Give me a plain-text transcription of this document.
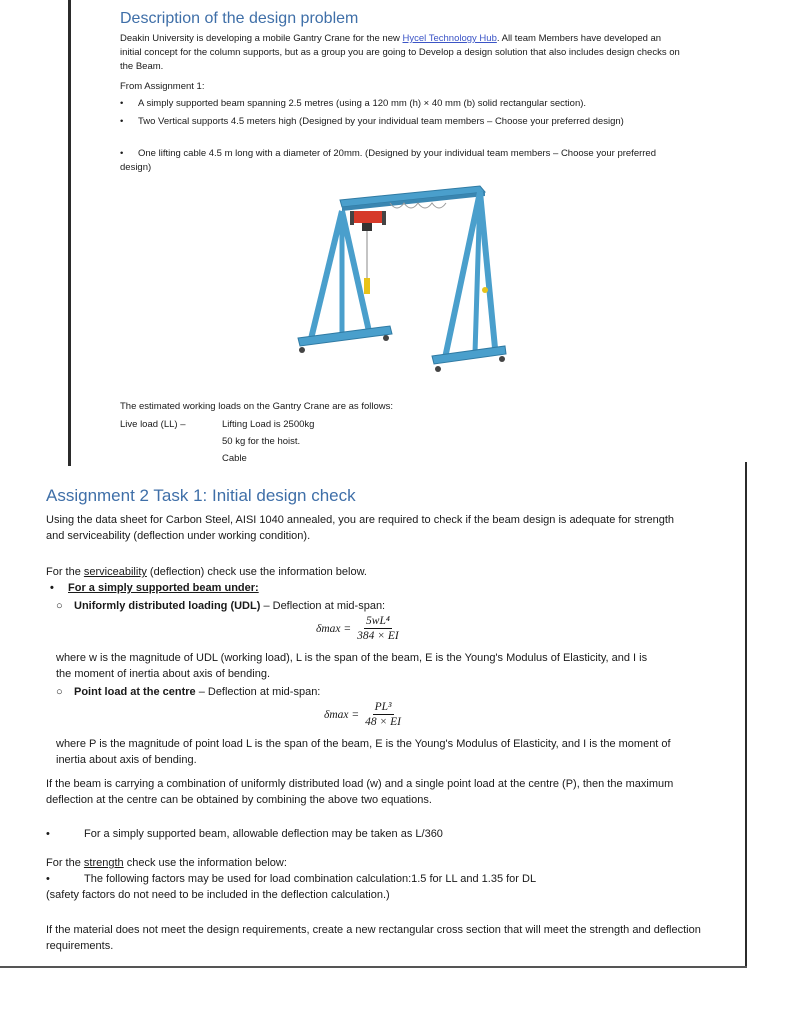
Description of the design problem
Deakin University is developing a mobile Gantry Crane for the new Hycel Technology Hub. All team Members have developed an initial concept for the column supports, but as a group you are going to Develop a design solution that also includes design checks on the Beam.
From Assignment 1:
• A simply supported beam spanning 2.5 metres (using a 120 mm (h) × 40 mm (b) solid rectangular section).
• Two Vertical supports 4.5 meters high (Designed by your individual team members – Choose your preferred design)
• One lifting cable 4.5 m long with a diameter of 20mm. (Designed by your individual team members – Choose your preferred design)
The estimated working loads on the Gantry Crane are as follows:
Live load (LL) –	Lifting Load is 2500kg
50 kg for the hoist.
Cable
Assignment 2 Task 1: Initial design check
Using the data sheet for Carbon Steel, AISI 1040 annealed, you are required to check if the beam design is adequate for strength and serviceability (deflection under working condition).
For the serviceability (deflection) check use the information below.
• For a simply supported beam under:
○ Uniformly distributed loading (UDL) – Deflection at mid-span:
$\delta\max = \frac{\text{5wL⁴}}{384 \times EI}$
where w is the magnitude of UDL (working load), L is the span of the beam, E is the Young's Modulus of Elasticity, and I is the moment of inertia about axis of bending.
○ Point load at the centre – Deflection at mid-span:
$\delta\max = \frac{\text{PL³}}{48 \times EI}$
where P is the magnitude of point load L is the span of the beam, E is the Young's Modulus of Elasticity, and I is the moment of inertia about axis of bending.
If the beam is carrying a combination of uniformly distributed load (w) and a single point load at the centre (P), then the maximum deflection at the centre can be obtained by combining the above two equations.
•	For a simply supported beam, allowable deflection may be taken as L/360
For the strength check use the information below:
•	The following factors may be used for load combination calculation:1.5 for LL and 1.35 for DL
(safety factors do not need to be included in the deflection calculation.)
If the material does not meet the design requirements, create a new rectangular cross section that will meet the strength and deflection requirements.
